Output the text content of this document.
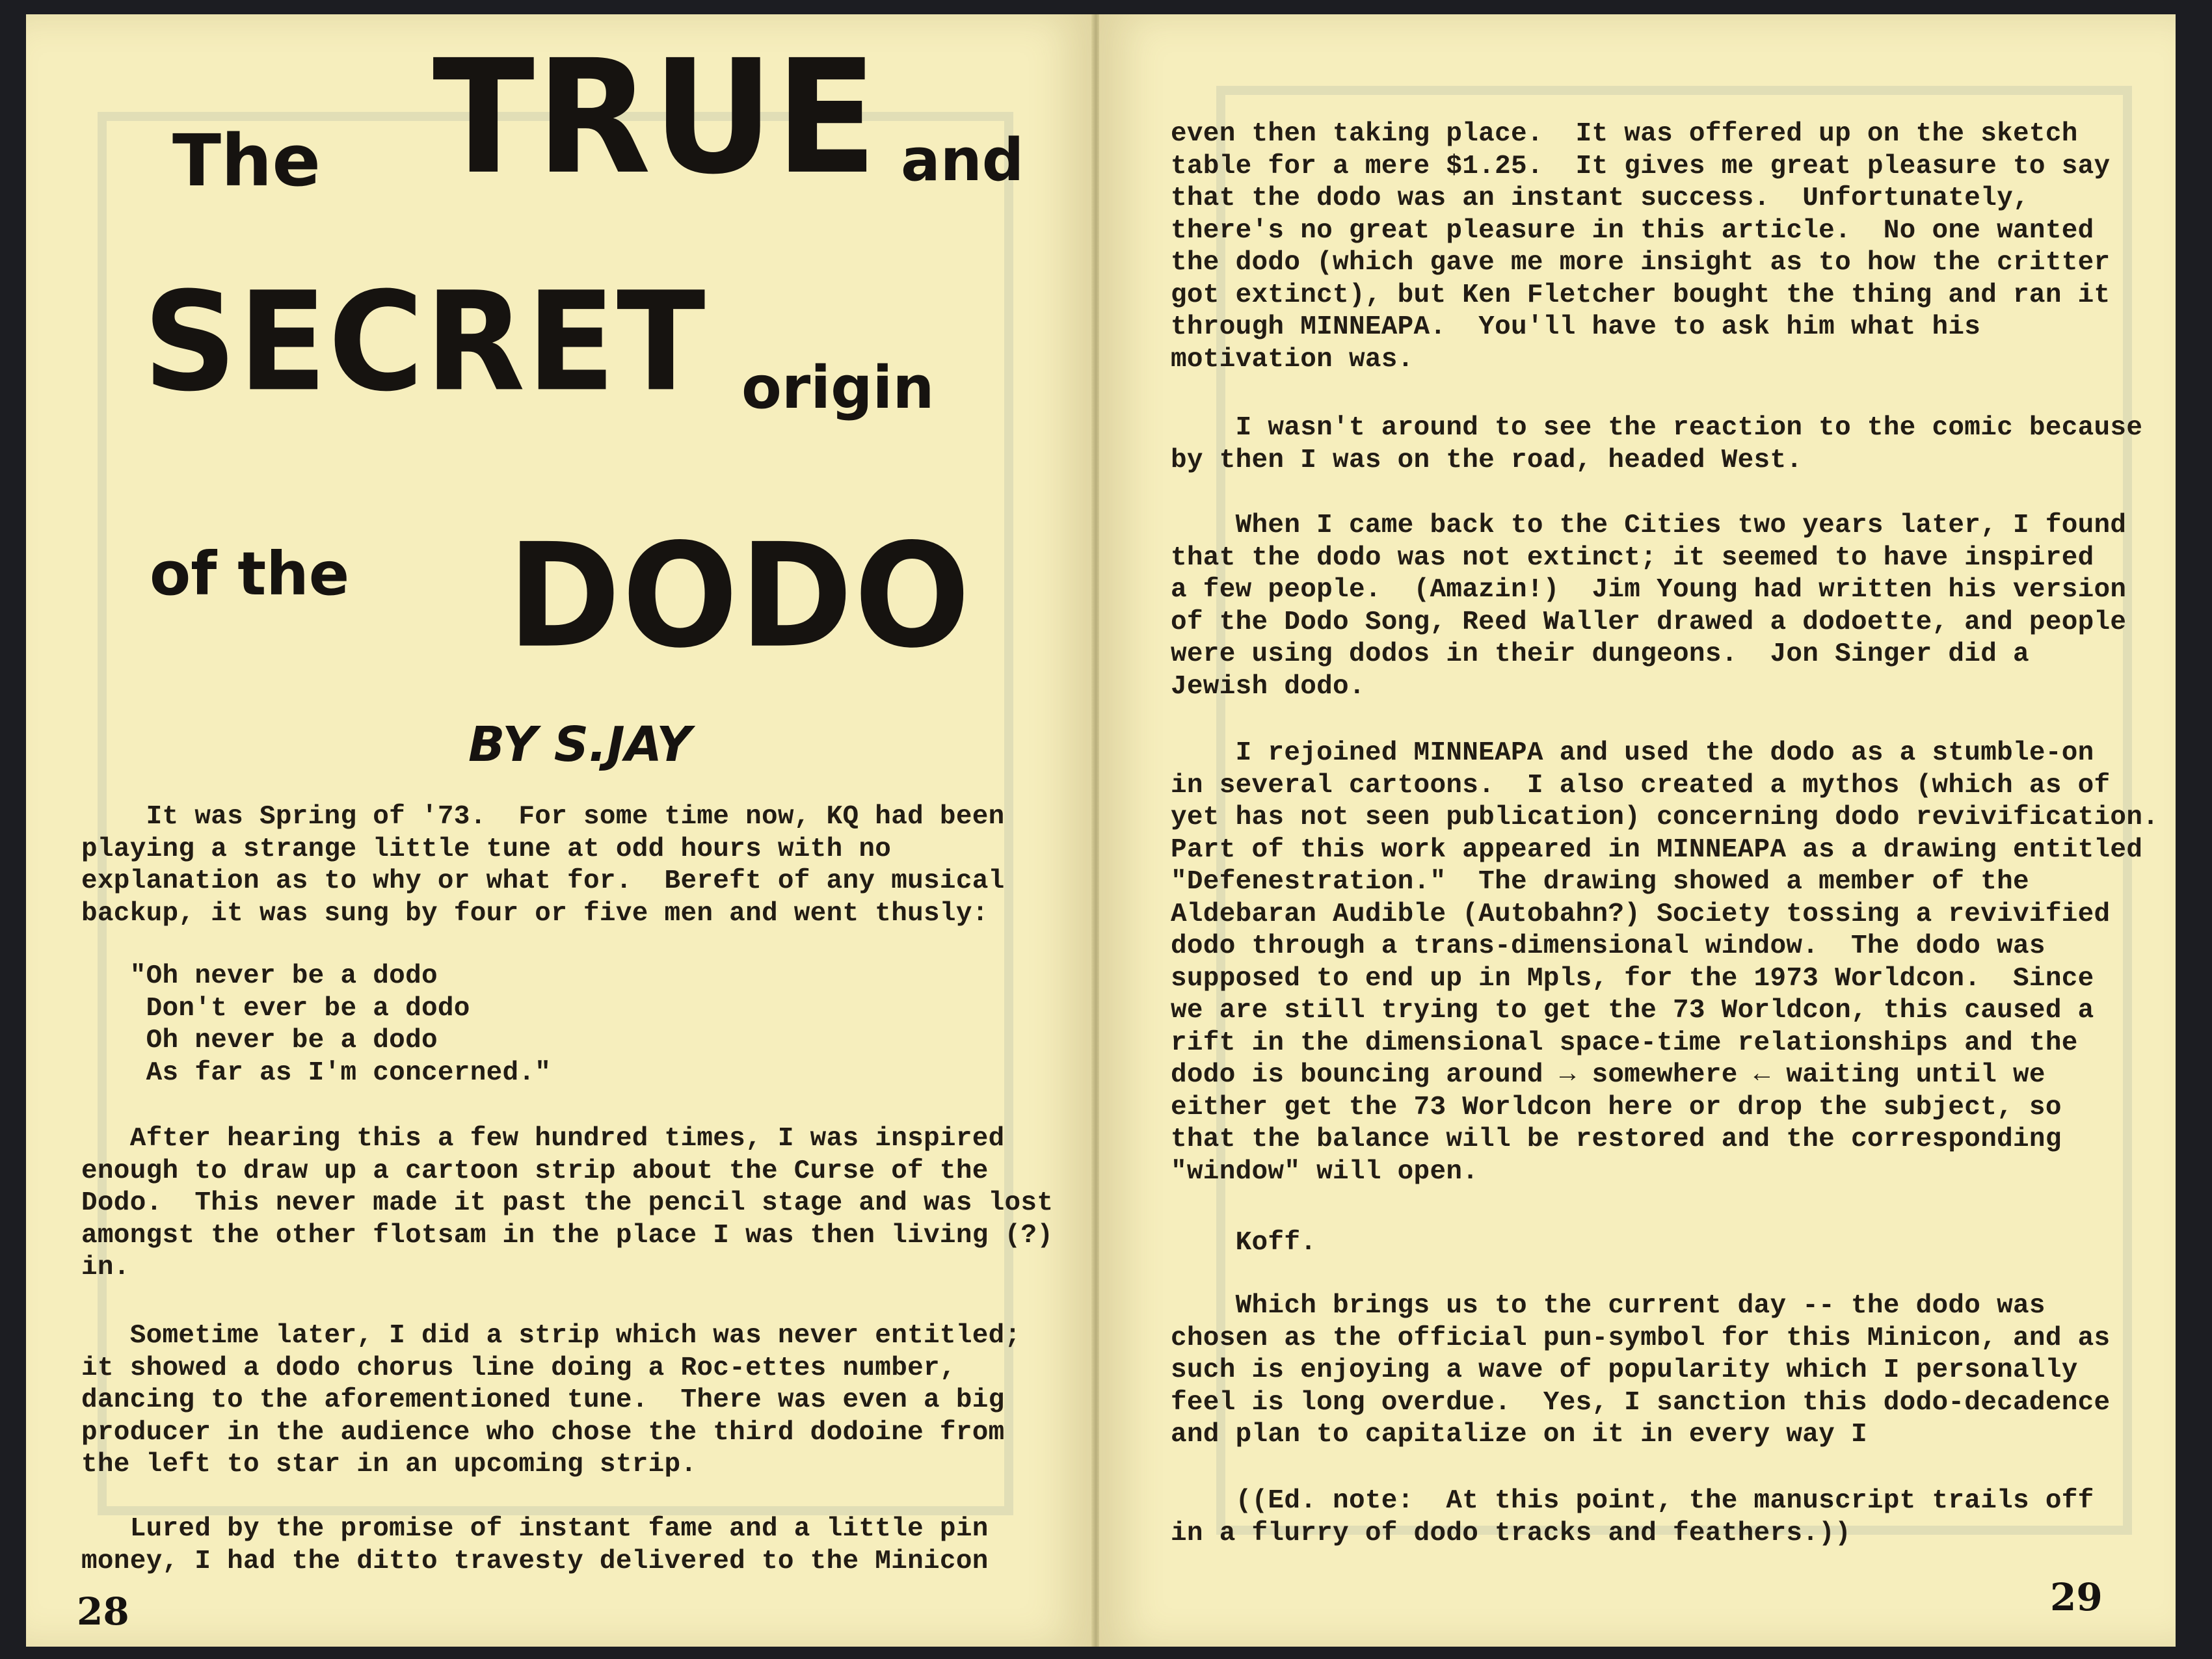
The TRUE and
SECRET origin
of the DODO
BY S.JAY
It was Spring of '73.  For some time now, KQ had been
playing a strange little tune at odd hours with no
explanation as to why or what for.  Bereft of any musical
backup, it was sung by four or five men and went thusly:
"Oh never be a dodo
Don't ever be a dodo
Oh never be a dodo
As far as I'm concerned."
After hearing this a few hundred times, I was inspired
enough to draw up a cartoon strip about the Curse of the
Dodo.  This never made it past the pencil stage and was lost
amongst the other flotsam in the place I was then living (?)
in.
Sometime later, I did a strip which was never entitled;
it showed a dodo chorus line doing a Roc-ettes number,
dancing to the aforementioned tune.  There was even a big
producer in the audience who chose the third dodoine from
the left to star in an upcoming strip.
Lured by the promise of instant fame and a little pin
money, I had the ditto travesty delivered to the Minicon
28
even then taking place.  It was offered up on the sketch
table for a mere $1.25.  It gives me great pleasure to say
that the dodo was an instant success.  Unfortunately,
there's no great pleasure in this article.  No one wanted
the dodo (which gave me more insight as to how the critter
got extinct), but Ken Fletcher bought the thing and ran it
through MINNEAPA.  You'll have to ask him what his
motivation was.
I wasn't around to see the reaction to the comic because
by then I was on the road, headed West.
When I came back to the Cities two years later, I found
that the dodo was not extinct; it seemed to have inspired
a few people.  (Amazin!)  Jim Young had written his version
of the Dodo Song, Reed Waller drawed a dodoette, and people
were using dodos in their dungeons.  Jon Singer did a
Jewish dodo.
I rejoined MINNEAPA and used the dodo as a stumble-on
in several cartoons.  I also created a mythos (which as of
yet has not seen publication) concerning dodo revivification.
Part of this work appeared in MINNEAPA as a drawing entitled
"Defenestration."  The drawing showed a member of the
Aldebaran Audible (Autobahn?) Society tossing a revivified
dodo through a trans-dimensional window.  The dodo was
supposed to end up in Mpls, for the 1973 Worldcon.  Since
we are still trying to get the 73 Worldcon, this caused a
rift in the dimensional space-time relationships and the
dodo is bouncing around → somewhere ← waiting until we
either get the 73 Worldcon here or drop the subject, so
that the balance will be restored and the corresponding
"window" will open.
Koff.
Which brings us to the current day -- the dodo was
chosen as the official pun-symbol for this Minicon, and as
such is enjoying a wave of popularity which I personally
feel is long overdue.  Yes, I sanction this dodo-decadence
and plan to capitalize on it in every way I
((Ed. note:  At this point, the manuscript trails off
in a flurry of dodo tracks and feathers.))
29
